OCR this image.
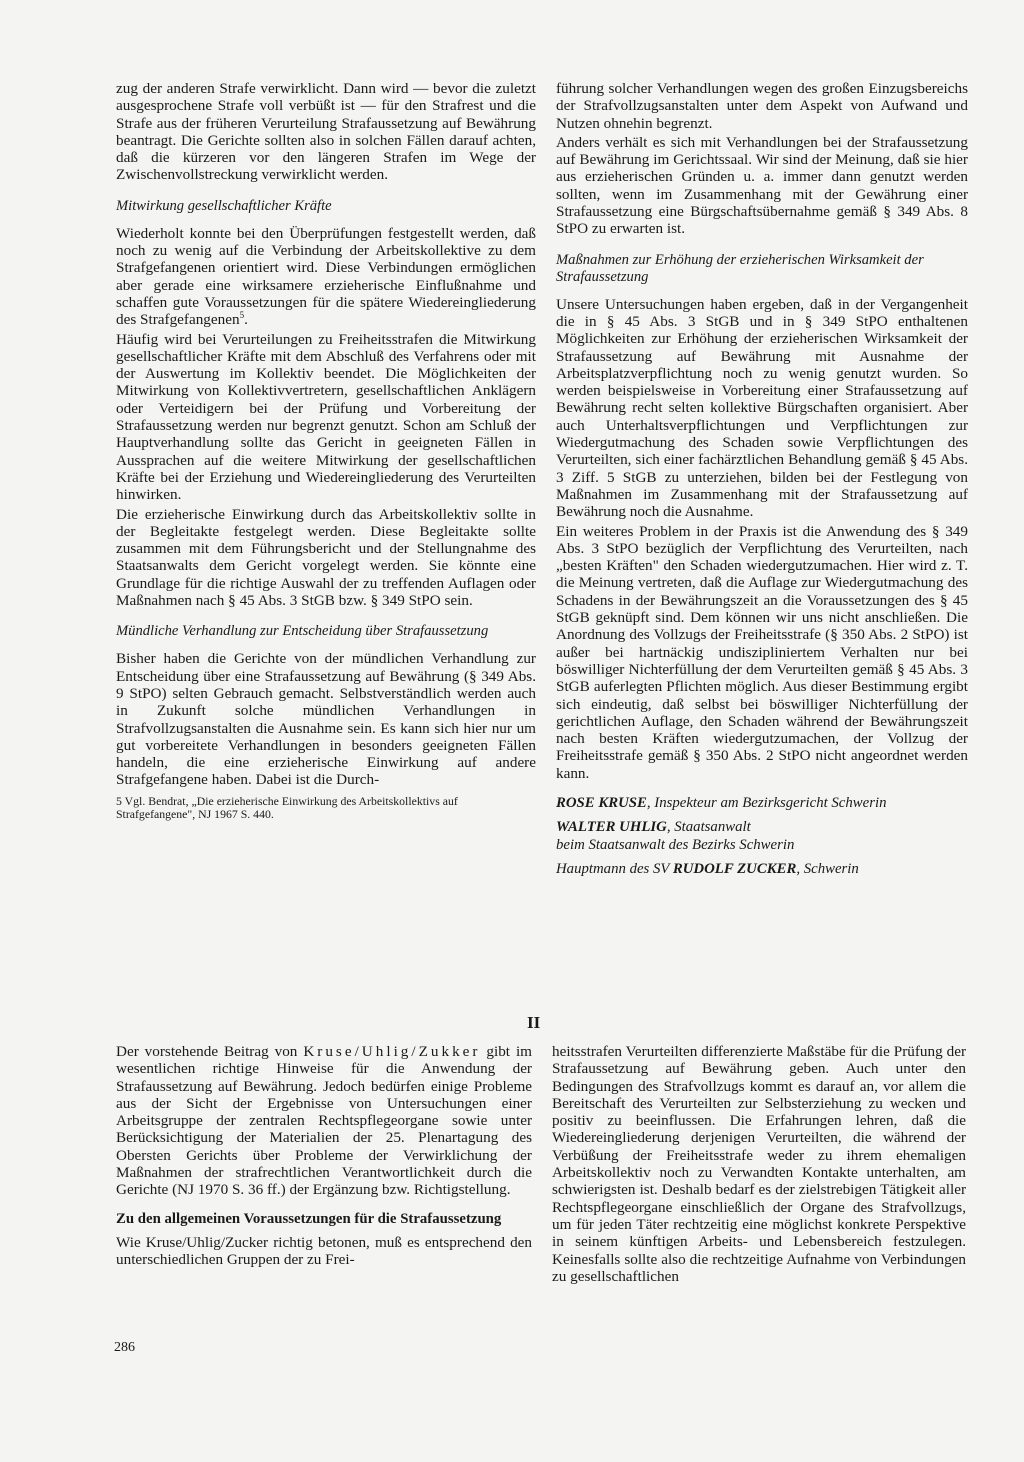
zug der anderen Strafe verwirklicht. Dann wird — bevor die zuletzt ausgesprochene Strafe voll verbüßt ist — für den Strafrest und die Strafe aus der früheren Verurteilung Strafaussetzung auf Bewährung beantragt. Die Gerichte sollten also in solchen Fällen darauf achten, daß die kürzeren vor den längeren Strafen im Wege der Zwischenvollstreckung verwirklicht werden.

Mitwirkung gesellschaftlicher Kräfte

Wiederholt konnte bei den Überprüfungen festgestellt werden, daß noch zu wenig auf die Verbindung der Arbeitskollektive zu dem Strafgefangenen orientiert wird. Diese Verbindungen ermöglichen aber gerade eine wirksamere erzieherische Einflußnahme und schaffen gute Voraussetzungen für die spätere Wiedereingliederung des Strafgefangenen$^5$.

Häufig wird bei Verurteilungen zu Freiheitsstrafen die Mitwirkung gesellschaftlicher Kräfte mit dem Abschluß des Verfahrens oder mit der Auswertung im Kollektiv beendet. Die Möglichkeiten der Mitwirkung von Kollektivvertretern, gesellschaftlichen Anklägern oder Verteidigern bei der Prüfung und Vorbereitung der Strafaussetzung werden nur begrenzt genutzt. Schon am Schluß der Hauptverhandlung sollte das Gericht in geeigneten Fällen in Aussprachen auf die weitere Mitwirkung der gesellschaftlichen Kräfte bei der Erziehung und Wiedereingliederung des Verurteilten hinwirken.

Die erzieherische Einwirkung durch das Arbeitskollektiv sollte in der Begleitakte festgelegt werden. Diese Begleitakte sollte zusammen mit dem Führungsbericht und der Stellungnahme des Staatsanwalts dem Gericht vorgelegt werden. Sie könnte eine Grundlage für die richtige Auswahl der zu treffenden Auflagen oder Maßnahmen nach § 45 Abs. 3 StGB bzw. § 349 StPO sein.

Mündliche Verhandlung zur Entscheidung über Strafaussetzung

Bisher haben die Gerichte von der mündlichen Verhandlung zur Entscheidung über eine Strafaussetzung auf Bewährung (§ 349 Abs. 9 StPO) selten Gebrauch gemacht. Selbstverständlich werden auch in Zukunft solche mündlichen Verhandlungen in Strafvollzugsanstalten die Ausnahme sein. Es kann sich hier nur um gut vorbereitete Verhandlungen in besonders geeigneten Fällen handeln, die eine erzieherische Einwirkung auf andere Strafgefangene haben. Dabei ist die Durch-

5 Vgl. Bendrat, „Die erzieherische Einwirkung des Arbeitskollektivs auf Strafgefangene", NJ 1967 S. 440.

führung solcher Verhandlungen wegen des großen Einzugsbereichs der Strafvollzugsanstalten unter dem Aspekt von Aufwand und Nutzen ohnehin begrenzt.

Anders verhält es sich mit Verhandlungen bei der Strafaussetzung auf Bewährung im Gerichtssaal. Wir sind der Meinung, daß sie hier aus erzieherischen Gründen u. a. immer dann genutzt werden sollten, wenn im Zusammenhang mit der Gewährung einer Strafaussetzung eine Bürgschaftsübernahme gemäß § 349 Abs. 8 StPO zu erwarten ist.

Maßnahmen zur Erhöhung der erzieherischen Wirksamkeit der Strafaussetzung

Unsere Untersuchungen haben ergeben, daß in der Vergangenheit die in § 45 Abs. 3 StGB und in § 349 StPO enthaltenen Möglichkeiten zur Erhöhung der erzieherischen Wirksamkeit der Strafaussetzung auf Bewährung mit Ausnahme der Arbeitsplatzverpflichtung noch zu wenig genutzt wurden. So werden beispielsweise in Vorbereitung einer Strafaussetzung auf Bewährung recht selten kollektive Bürgschaften organisiert. Aber auch Unterhaltsverpflichtungen und Verpflichtungen zur Wiedergutmachung des Schaden sowie Verpflichtungen des Verurteilten, sich einer fachärztlichen Behandlung gemäß § 45 Abs. 3 Ziff. 5 StGB zu unterziehen, bilden bei der Festlegung von Maßnahmen im Zusammenhang mit der Strafaussetzung auf Bewährung noch die Ausnahme.

Ein weiteres Problem in der Praxis ist die Anwendung des § 349 Abs. 3 StPO bezüglich der Verpflichtung des Verurteilten, nach „besten Kräften" den Schaden wiedergutzumachen. Hier wird z. T. die Meinung vertreten, daß die Auflage zur Wiedergutmachung des Schadens in der Bewährungszeit an die Voraussetzungen des § 45 StGB geknüpft sind. Dem können wir uns nicht anschließen. Die Anordnung des Vollzugs der Freiheitsstrafe (§ 350 Abs. 2 StPO) ist außer bei hartnäckig undiszipliniertem Verhalten nur bei böswilliger Nichterfüllung der dem Verurteilten gemäß § 45 Abs. 3 StGB auferlegten Pflichten möglich. Aus dieser Bestimmung ergibt sich eindeutig, daß selbst bei böswilliger Nichterfüllung der gerichtlichen Auflage, den Schaden während der Bewährungszeit nach besten Kräften wiedergutzumachen, der Vollzug der Freiheitsstrafe gemäß § 350 Abs. 2 StPO nicht angeordnet werden kann.

ROSE KRUSE, Inspekteur am Bezirksgericht Schwerin
WALTER UHLIG, Staatsanwalt
beim Staatsanwalt des Bezirks Schwerin
Hauptmann des SV RUDOLF ZUCKER, Schwerin
II

Der vorstehende Beitrag von Kruse/Uhlig/Zukker gibt im wesentlichen richtige Hinweise für die Anwendung der Strafaussetzung auf Bewährung. Jedoch bedürfen einige Probleme aus der Sicht der Ergebnisse von Untersuchungen einer Arbeitsgruppe der zentralen Rechtspflegeorgane sowie unter Berücksichtigung der Materialien der 25. Plenartagung des Obersten Gerichts über Probleme der Verwirklichung der Maßnahmen der strafrechtlichen Verantwortlichkeit durch die Gerichte (NJ 1970 S. 36 ff.) der Ergänzung bzw. Richtigstellung.

Zu den allgemeinen Voraussetzungen für die Strafaussetzung

Wie Kruse/Uhlig/Zucker richtig betonen, muß es entsprechend den unterschiedlichen Gruppen der zu Frei-

heitsstrafen Verurteilten differenzierte Maßstäbe für die Prüfung der Strafaussetzung auf Bewährung geben. Auch unter den Bedingungen des Strafvollzugs kommt es darauf an, vor allem die Bereitschaft des Verurteilten zur Selbsterziehung zu wecken und positiv zu beeinflussen. Die Erfahrungen lehren, daß die Wiedereingliederung derjenigen Verurteilten, die während der Verbüßung der Freiheitsstrafe weder zu ihrem ehemaligen Arbeitskollektiv noch zu Verwandten Kontakte unterhalten, am schwierigsten ist. Deshalb bedarf es der zielstrebigen Tätigkeit aller Rechtspflegeorgane einschließlich der Organe des Strafvollzugs, um für jeden Täter rechtzeitig eine möglichst konkrete Perspektive in seinem künftigen Arbeits- und Lebensbereich festzulegen. Keinesfalls sollte also die rechtzeitige Aufnahme von Verbindungen zu gesellschaftlichen

286
